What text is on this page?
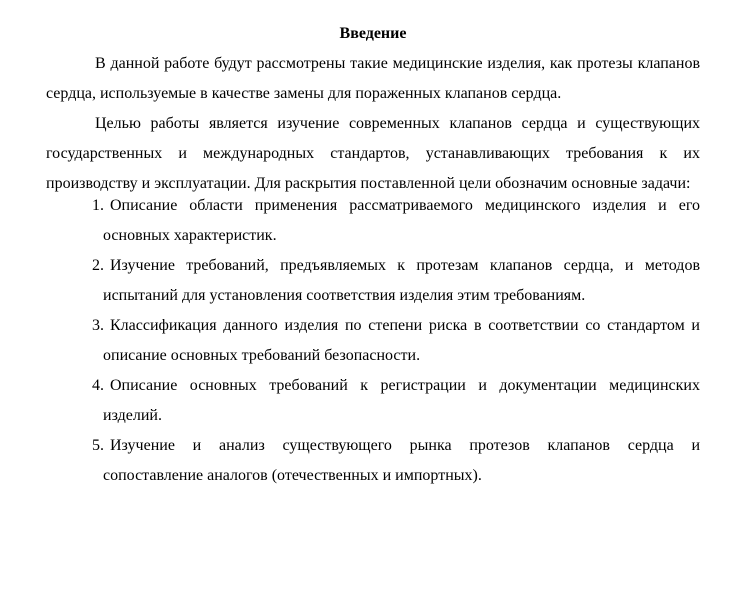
Введение
В данной работе будут рассмотрены такие медицинские изделия, как протезы клапанов
сердца, используемые в качестве замены для пораженных клапанов сердца.
Целью работы является изучение современных клапанов сердца и существующих
государственных и международных стандартов, устанавливающих требования к их
производству и эксплуатации. Для раскрытия поставленной цели обозначим основные задачи:
1. Описание области применения рассматриваемого медицинского изделия и его
основных характеристик.
2. Изучение требований, предъявляемых к протезам клапанов сердца, и методов
испытаний для установления соответствия изделия этим требованиям.
3. Классификация данного изделия по степени риска в соответствии со стандартом и
описание основных требований безопасности.
4. Описание основных требований к регистрации и документации медицинских
изделий.
5. Изучение и анализ существующего рынка протезов клапанов сердца и
сопоставление аналогов (отечественных и импортных).
